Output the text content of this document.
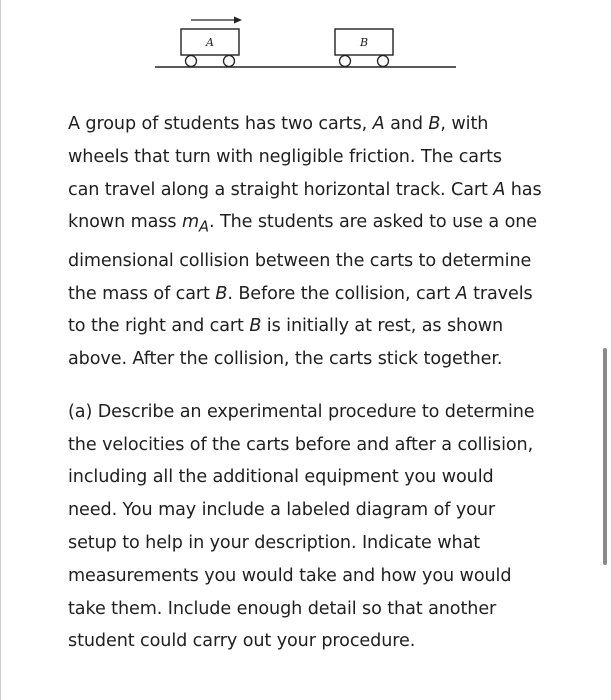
A	B

A group of students has two carts, A and B, with
wheels that turn with negligible friction. The carts
can travel along a straight horizontal track. Cart A has
known mass $m_A$. The students are asked to use a one
dimensional collision between the carts to determine
the mass of cart B. Before the collision, cart A travels
to the right and cart B is initially at rest, as shown
above. After the collision, the carts stick together.

(a) Describe an experimental procedure to determine
the velocities of the carts before and after a collision,
including all the additional equipment you would
need. You may include a labeled diagram of your
setup to help in your description. Indicate what
measurements you would take and how you would
take them. Include enough detail so that another
student could carry out your procedure.
